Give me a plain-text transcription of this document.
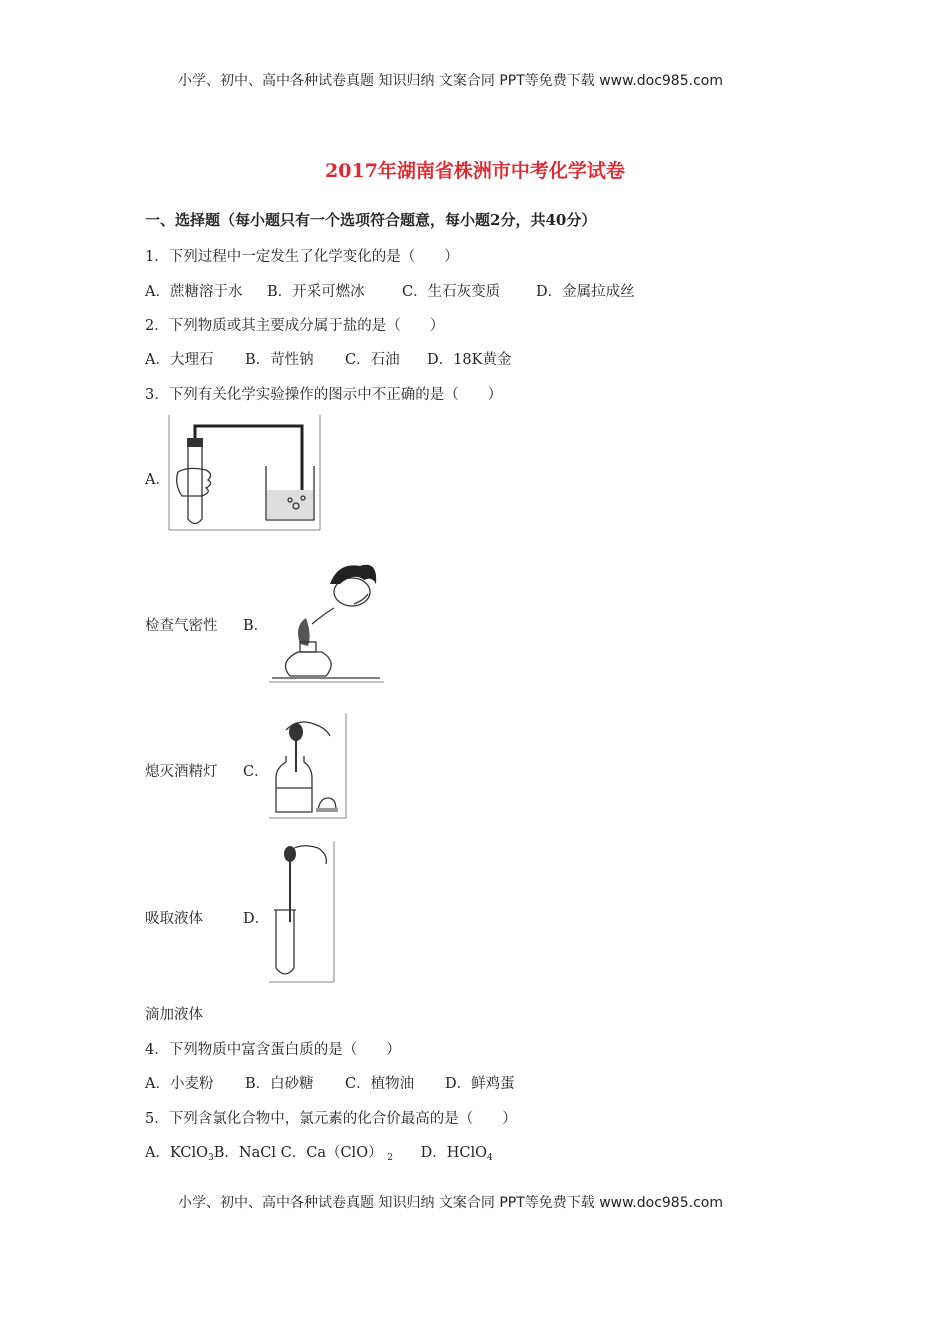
小学、初中、高中各种试卷真题 知识归纳 文案合同 PPT等免费下载 www.doc985.com
2017年湖南省株洲市中考化学试卷
一、选择题（每小题只有一个选项符合题意，每小题2分，共40分）
1．下列过程中一定发生了化学变化的是（　　）
A．蔗糖溶于水 B．开采可燃冰	C．生石灰变质 D．金属拉成丝
2．下列物质或其主要成分属于盐的是（　　）
A．大理石 B．苛性钠 C．石油 D．18K黄金
3．下列有关化学实验操作的图示中不正确的是（　　）
A．
检查气密性 B．
熄灭酒精灯 C．
吸取液体	D．
滴加液体
4．下列物质中富含蛋白质的是（　　）
A．小麦粉 B．白砂糖 C．植物油 D．鲜鸡蛋
5．下列含氯化合物中，氯元素的化合价最高的是（　　）
A．KClO$_3$B．NaCl C．Ca（ClO） $_2$ D．HClO$_4$
小学、初中、高中各种试卷真题 知识归纳 文案合同 PPT等免费下载 www.doc985.com
